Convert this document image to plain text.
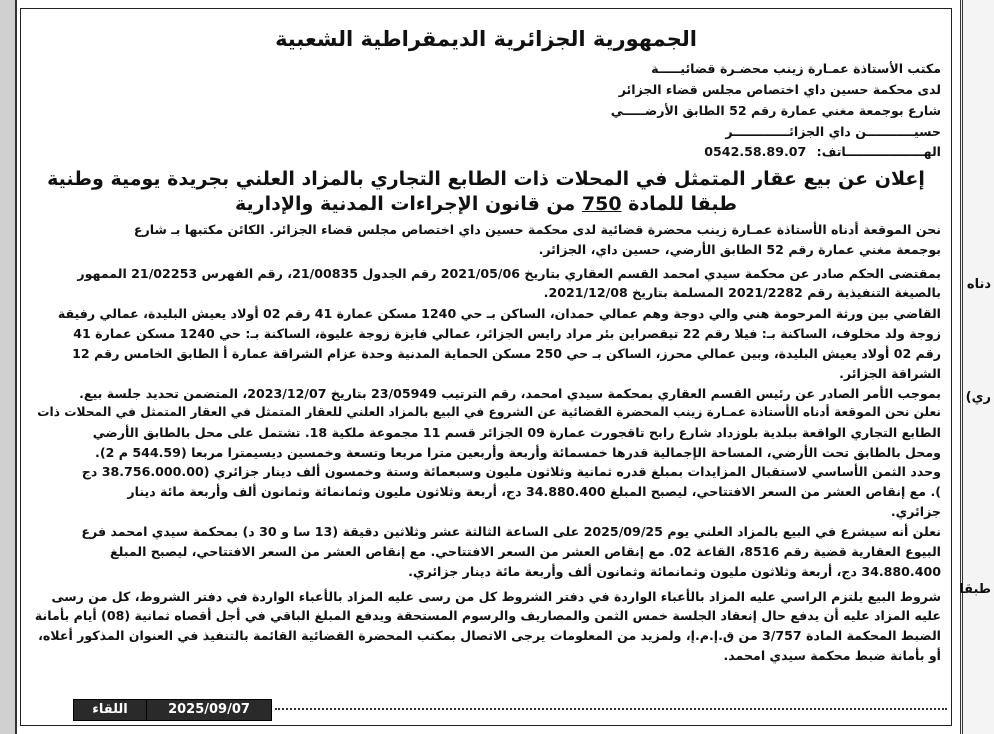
دناه
(ري
طبقا
الجمهورية الجزائرية الديمقراطية الشعبية
مكتب الأستاذة عمـارة زينب محضـرة قضائيـــــة
لدى محكمة حسين داي اختصاص مجلس قضاء الجزائر
شارع بوجمعة مغني عمارة رقم 52 الطابق الأرضـــــي
حسيـــــــــــن داي الجزائـــــــــــــر
الهــــــــــــــــــاتف: 0542.58.89.07
إعلان عن بيع عقار المتمثل في المحلات ذات الطابع التجاري بالمزاد العلني بجريدة يومية وطنية
طبقا للمادة 750 من قانون الإجراءات المدنية والإدارية
نحن الموقعة أدناه الأستاذة عمـارة زينب محضرة قضائية لدى محكمة حسين داي اختصاص مجلس قضاء الجزائر. الكائن مكتبها بـ شارع
بوجمعة مغني عمارة رقم 52 الطابق الأرضي، حسين داي، الجزائر.
بمقتضى الحكم صادر عن محكمة سيدي امحمد القسم العقاري بتاريخ 2021/05/06 رقم الجدول 21/00835، رقم الفهرس 21/02253 الممهور
بالصيغة التنفيذية رقم 2021/2282 المسلمة بتاريخ 2021/12/08.
القاضي بين ورثة المرحومة هني والي دوجة وهم عمالي حمدان، الساكن بـ حي 1240 مسكن عمارة 41 رقم 02 أولاد يعيش البليدة، عمالي رفيقة
زوجة ولد مخلوف، الساكنة بـ: فيلا رقم 22 تيقصراين بئر مراد رايس الجزائر، عمالي فايزة زوجة عليوة، الساكنة بـ: حي 1240 مسكن عمارة 41
رقم 02 أولاد يعيش البليدة، وبين عمالي محرز، الساكن بـ حي 250 مسكن الحماية المدنية وحدة عزام الشراقة عمارة أ الطابق الخامس رقم 12
الشراقة الجزائر.
بموجب الأمر الصادر عن رئيس القسم العقاري بمحكمة سيدي امحمد، رقم الترتيب 23/05949 بتاريخ 2023/12/07، المتضمن تحديد جلسة بيع.
نعلن نحن الموقعة أدناه الأستاذة عمـارة زينب المحضرة القضائية عن الشروع في البيع بالمزاد العلني للعقار المتمثل في العقار المتمثل في المحلات ذات
الطابع التجاري الواقعة ببلدية بلوزداد شارع رابح تاقجورت عمارة 09 الجزائر قسم 11 مجموعة ملكية 18. تشتمل على محل بالطابق الأرضي
ومحل بالطابق تحت الأرضي، المساحة الإجمالية قدرها خمسمائة وأربعة وأربعين مترا مربعا وتسعة وخمسين ديسيمترا مربعا (544.59 م 2).
وحدد الثمن الأساسي لاستقبال المزايدات بمبلغ قدره ثمانية وثلاثون مليون وسبعمائة وستة وخمسون ألف دينار جزائري (38.756.000.00 دج
). مع إنقاص العشر من السعر الافتتاحي، ليصبح المبلغ 34.880.400 دج، أربعة وثلاثون مليون وثمانمائة وثمانون ألف وأربعة مائة دينار
جزائري.
نعلن أنه سيشرع في البيع بالمزاد العلني يوم 2025/09/25 على الساعة الثالثة عشر وثلاثين دقيقة (13 سا و 30 د) بمحكمة سيدي امحمد فرع
البيوع العقارية قضية رقم 8516، القاعة 02. مع إنقاص العشر من السعر الافتتاحي. مع إنقاص العشر من السعر الافتتاحي، ليصبح المبلغ
34.880.400 دج، أربعة وثلاثون مليون وثمانمائة وثمانون ألف وأربعة مائة دينار جزائري.
شروط البيع يلتزم الراسي عليه المزاد بالأعباء الواردة في دفتر الشروط كل من رسى عليه المزاد بالأعباء الواردة في دفتر الشروط، كل من رسى
عليه المزاد عليه أن يدفع حال إنعقاد الجلسة خمس الثمن والمصاريف والرسوم المستحقة ويدفع المبلغ الباقي في أجل أقصاه ثمانية (08) أيام بأمانة
الضبط المحكمة المادة 3/757 من ق.إ.م.إ، ولمزيد من المعلومات يرجى الاتصال بمكتب المحضرة القضائية القائمة بالتنفيذ في العنوان المذكور أعلاه،
أو بأمانة ضبط محكمة سيدي امحمد.
اللقاء	2025/09/07
